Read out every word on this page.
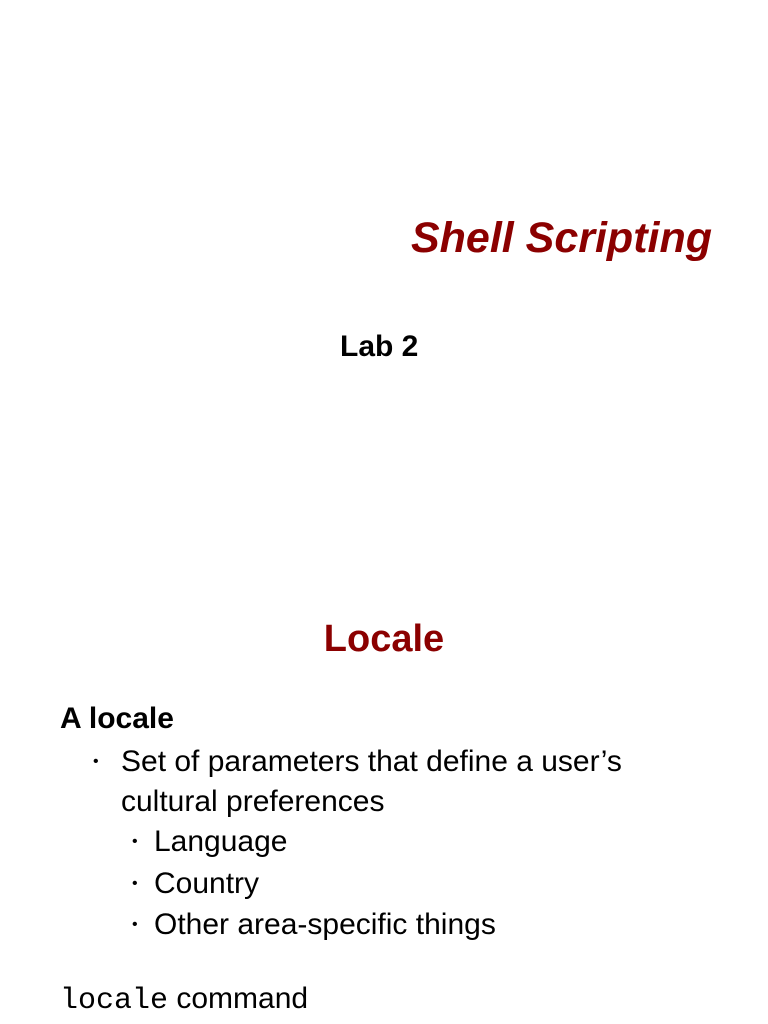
Shell Scripting
Lab 2
Locale
A locale
• Set of parameters that define a user’s cultural preferences
• Language
• Country
• Other area-specific things
locale command
